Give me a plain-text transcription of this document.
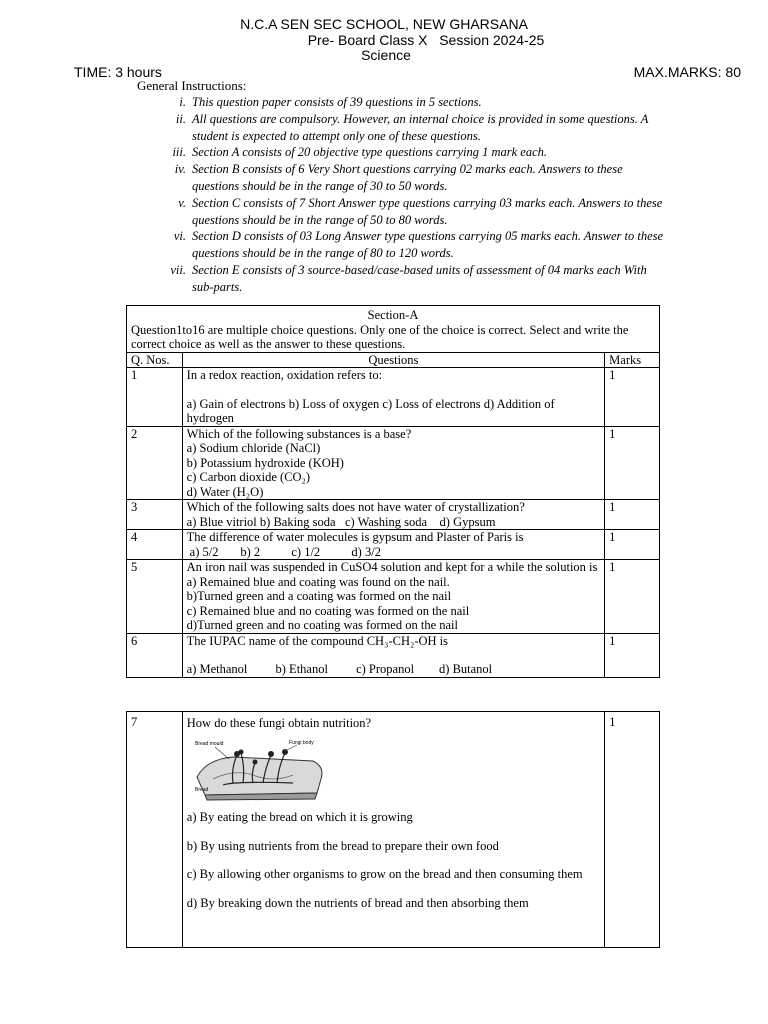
N.C.A SEN SEC SCHOOL, NEW GHARSANA
Pre- Board Class X   Session 2024-25
Science
TIME: 3 hours	MAX.MARKS: 80
General Instructions:
i. This question paper consists of 39 questions in 5 sections.
ii. All questions are compulsory. However, an internal choice is provided in some questions. A student is expected to attempt only one of these questions.
iii. Section A consists of 20 objective type questions carrying 1 mark each.
iv. Section B consists of 6 Very Short questions carrying 02 marks each. Answers to these questions should be in the range of 30 to 50 words.
v. Section C consists of 7 Short Answer type questions carrying 03 marks each. Answers to these questions should be in the range of 50 to 80 words.
vi. Section D consists of 03 Long Answer type questions carrying 05 marks each. Answer to these questions should be in the range of 80 to 120 words.
vii. Section E consists of 3 source-based/case-based units of assessment of 04 marks each With sub-parts.
Section-A
Question1to16 are multiple choice questions. Only one of the choice is correct. Select and write the correct choice as well as the answer to these questions.		

Q. Nos.	Questions	Marks
1	In a redox reaction, oxidation refers to:
a) Gain of electrons b) Loss of oxygen c) Loss of electrons d) Addition of hydrogen	1
2	Which of the following substances is a base?
a) Sodium chloride (NaCl)
b) Potassium hydroxide (KOH)
c) Carbon dioxide (CO₂)
d) Water (H₂O)	1
3	Which of the following salts does not have water of crystallization?
a) Blue vitriol b) Baking soda   c) Washing soda    d) Gypsum	1
4	The difference of water molecules is gypsum and Plaster of Paris is
a) 5/2       b) 2          c) 1/2          d) 3/2	1
5	An iron nail was suspended in CuSO4 solution and kept for a while the solution is
a) Remained blue and coating was found on the nail.
b)Turned green and a coating was formed on the nail
c) Remained blue and no coating was formed on the nail
d)Turned green and no coating was formed on the nail	1
6	The IUPAC name of the compound CH₃-CH₂-OH is
a) Methanol         b) Ethanol         c) Propanol        d) Butanol	1
7	How do these fungi obtain nutrition?

Bread mould	Fungi body
Bread

a) By eating the bread on which it is growing

b) By using nutrients from the bread to prepare their own food

c) By allowing other organisms to grow on the bread and then consuming them

d) By breaking down the nutrients of bread and then absorbing them

	1
